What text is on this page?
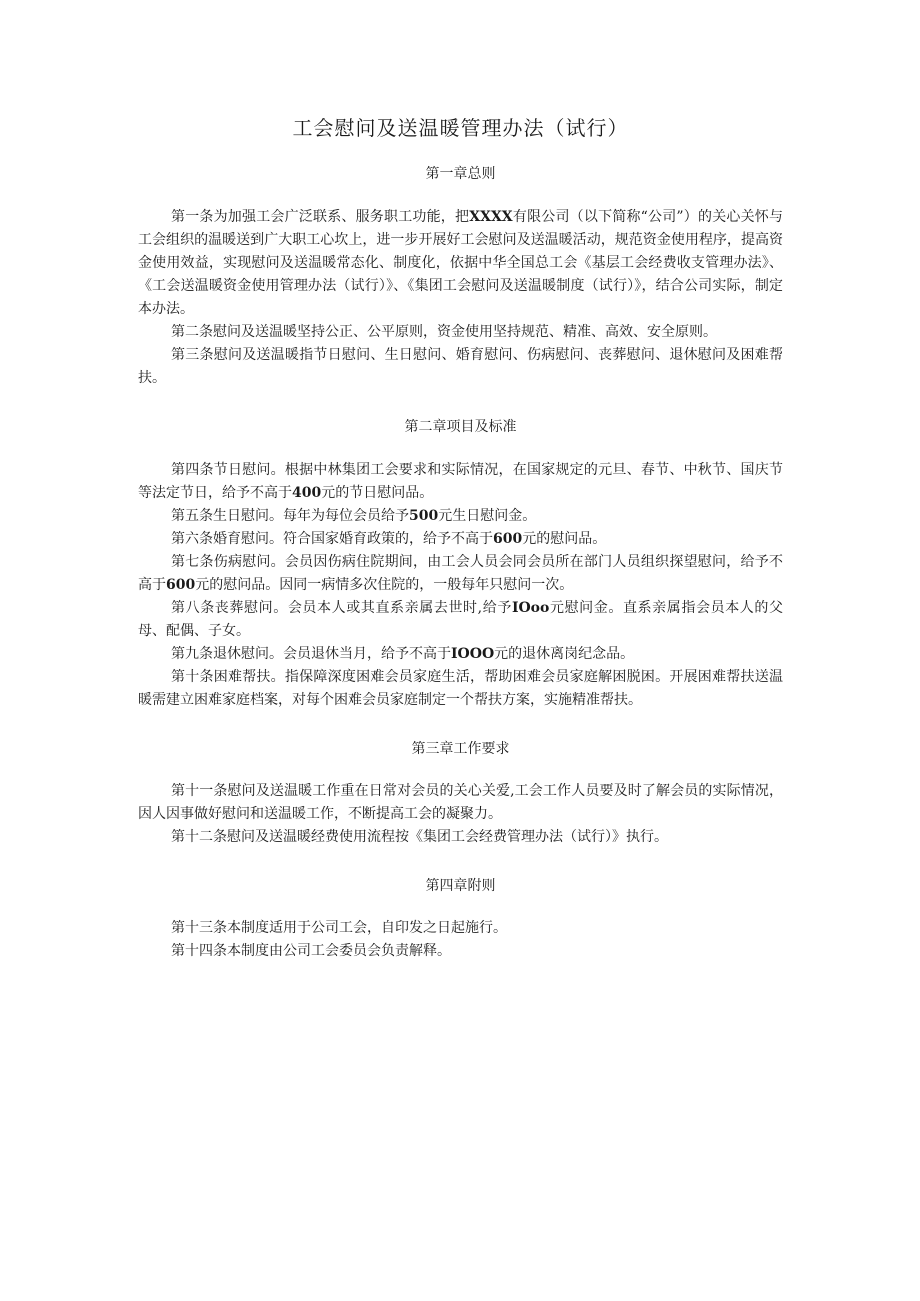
工会慰问及送温暖管理办法（试行）
第一章总则

第一条为加强工会广泛联系、服务职工功能，把XXXX有限公司（以下简称“公司”）的关心关怀与工会组织的温暖送到广大职工心坎上，进一步开展好工会慰问及送温暖活动，规范资金使用程序，提高资金使用效益，实现慰问及送温暖常态化、制度化，依据中华全国总工会《基层工会经费收支管理办法》、《工会送温暖资金使用管理办法（试行）》、《集团工会慰问及送温暖制度（试行）》，结合公司实际，制定本办法。

第二条慰问及送温暖坚持公正、公平原则，资金使用坚持规范、精准、高效、安全原则。

第三条慰问及送温暖指节日慰问、生日慰问、婚育慰问、伤病慰问、丧葬慰问、退休慰问及困难帮扶。

第二章项目及标准

第四条节日慰问。根据中林集团工会要求和实际情况，在国家规定的元旦、春节、中秋节、国庆节等法定节日，给予不高于400元的节日慰问品。

第五条生日慰问。每年为每位会员给予500元生日慰问金。

第六条婚育慰问。符合国家婚育政策的，给予不高于600元的慰问品。

第七条伤病慰问。会员因伤病住院期间，由工会人员会同会员所在部门人员组织探望慰问，给予不高于600元的慰问品。因同一病情多次住院的，一般每年只慰问一次。

第八条丧葬慰问。会员本人或其直系亲属去世时,给予IOoo元慰问金。直系亲属指会员本人的父母、配偶、子女。

第九条退休慰问。会员退休当月，给予不高于IOOO元的退休离岗纪念品。

第十条困难帮扶。指保障深度困难会员家庭生活，帮助困难会员家庭解困脱困。开展困难帮扶送温暖需建立困难家庭档案，对每个困难会员家庭制定一个帮扶方案，实施精准帮扶。

第三章工作要求

第十一条慰问及送温暖工作重在日常对会员的关心关爱,工会工作人员要及时了解会员的实际情况，因人因事做好慰问和送温暖工作，不断提高工会的凝聚力。

第十二条慰问及送温暖经费使用流程按《集团工会经费管理办法（试行）》执行。

第四章附则

第十三条本制度适用于公司工会，自印发之日起施行。

第十四条本制度由公司工会委员会负责解释。
